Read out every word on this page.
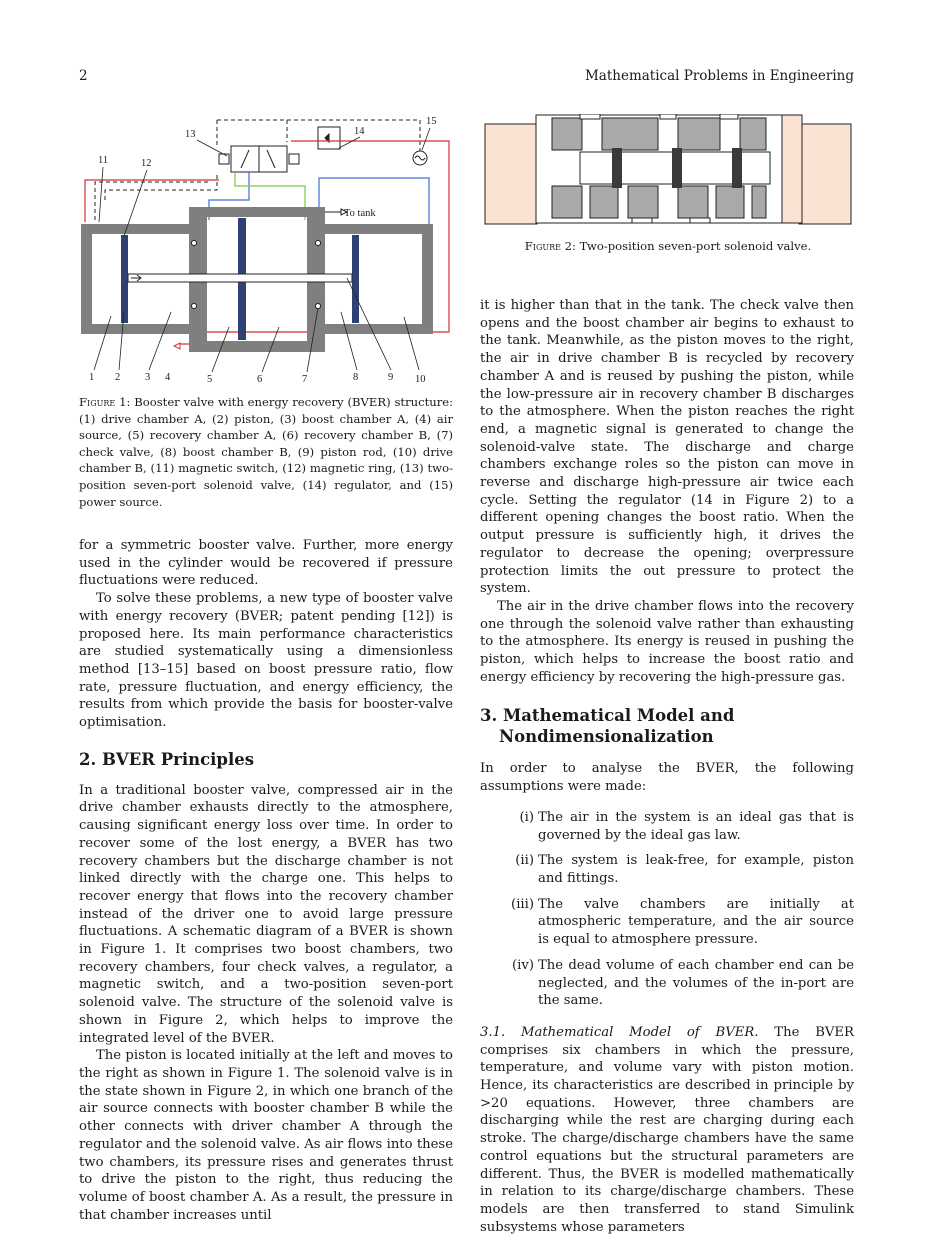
2	Mathematical Problems in Engineering
To tank
1 2 3 4	5	6	7	8	9 10
11	12
13	14
15
Figure 1: Booster valve with energy recovery (BVER) structure: (1) drive chamber A, (2) piston, (3) boost chamber A, (4) air source, (5) recovery chamber A, (6) recovery chamber B, (7) check valve, (8) boost chamber B, (9) piston rod, (10) drive chamber B, (11) magnetic switch, (12) magnetic ring, (13) two-position seven-port solenoid valve, (14) regulator, and (15) power source.
Figure 2: Two-position seven-port solenoid valve.

for a symmetric booster valve. Further, more energy used in the cylinder would be recovered if pressure fluctuations were reduced.

To solve these problems, a new type of booster valve with energy recovery (BVER; patent pending [12]) is proposed here. Its main performance characteristics are studied systematically using a dimensionless method [13–15] based on boost pressure ratio, flow rate, pressure fluctuation, and energy efficiency, the results from which provide the basis for booster-valve optimisation.

2. BVER Principles

In a traditional booster valve, compressed air in the drive chamber exhausts directly to the atmosphere, causing significant energy loss over time. In order to recover some of the lost energy, a BVER has two recovery chambers but the discharge chamber is not linked directly with the charge one. This helps to recover energy that flows into the recovery chamber instead of the driver one to avoid large pressure fluctuations. A schematic diagram of a BVER is shown in Figure 1. It comprises two boost chambers, two recovery chambers, four check valves, a regulator, a magnetic switch, and a two-position seven-port solenoid valve. The structure of the solenoid valve is shown in Figure 2, which helps to improve the integrated level of the BVER.

The piston is located initially at the left and moves to the right as shown in Figure 1. The solenoid valve is in the state shown in Figure 2, in which one branch of the air source connects with booster chamber B while the other connects with driver chamber A through the regulator and the solenoid valve. As air flows into these two chambers, its pressure rises and generates thrust to drive the piston to the right, thus reducing the volume of boost chamber A. As a result, the pressure in that chamber increases until

it is higher than that in the tank. The check valve then opens and the boost chamber air begins to exhaust to the tank. Meanwhile, as the piston moves to the right, the air in drive chamber B is recycled by recovery chamber A and is reused by pushing the piston, while the low-pressure air in recovery chamber B discharges to the atmosphere. When the piston reaches the right end, a magnetic signal is generated to change the solenoid-valve state. The discharge and charge chambers exchange roles so the piston can move in reverse and discharge high-pressure air twice each cycle. Setting the regulator (14 in Figure 2) to a different opening changes the boost ratio. When the output pressure is sufficiently high, it drives the regulator to decrease the opening; overpressure protection limits the out pressure to protect the system.

The air in the drive chamber flows into the recovery one through the solenoid valve rather than exhausting to the atmosphere. Its energy is reused in pushing the piston, which helps to increase the boost ratio and energy efficiency by recovering the high-pressure gas.

3. Mathematical Model and
Nondimensionalization

In order to analyse the BVER, the following assumptions were made:

(i) The air in the system is an ideal gas that is governed by the ideal gas law.
(ii) The system is leak-free, for example, piston and fittings.
(iii) The valve chambers are initially at atmospheric temperature, and the air source is equal to atmosphere pressure.
(iv) The dead volume of each chamber end can be neglected, and the volumes of the in-port are the same.

3.1. Mathematical Model of BVER. The BVER comprises six chambers in which the pressure, temperature, and volume vary with piston motion. Hence, its characteristics are described in principle by >20 equations. However, three chambers are discharging while the rest are charging during each stroke. The charge/discharge chambers have the same control equations but the structural parameters are different. Thus, the BVER is modelled mathematically in relation to its charge/discharge chambers. These models are then transferred to stand Simulink subsystems whose parameters
